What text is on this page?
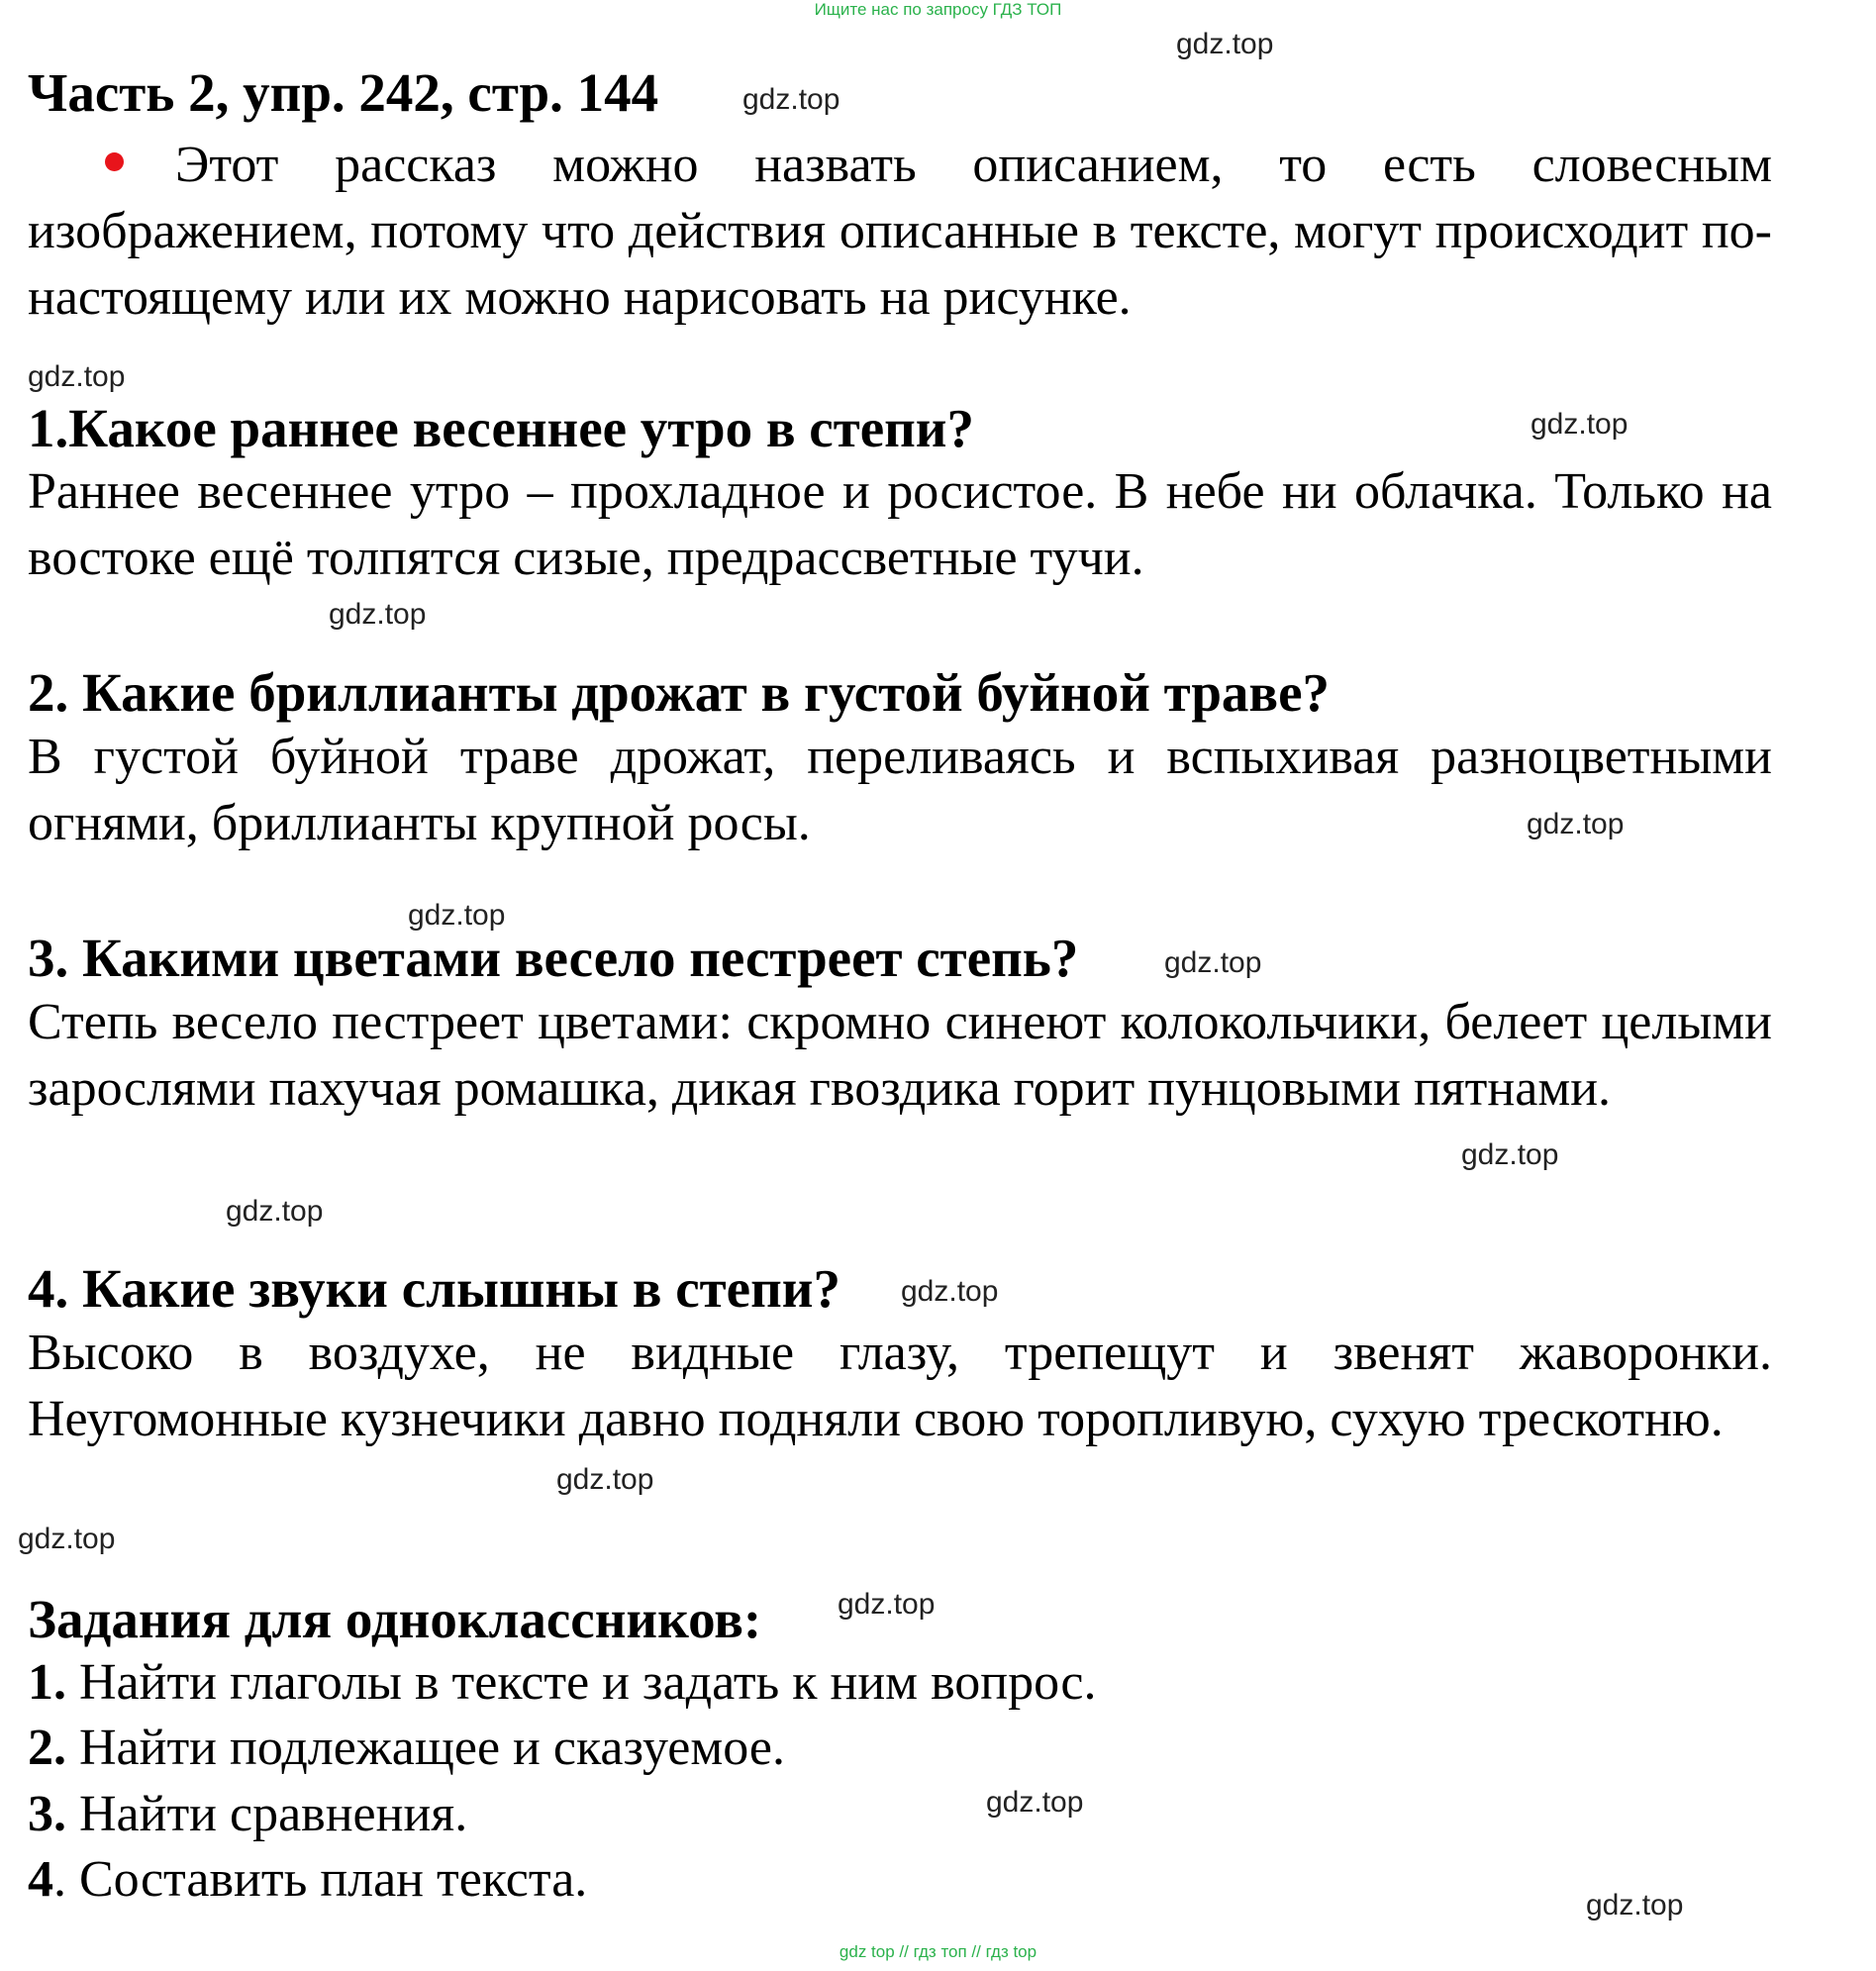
Ищите нас по запросу ГДЗ ТОП
Часть 2, упр. 242, стр. 144
Этот рассказ можно назвать описанием, то есть словесным изображением, потому что действия описанные в тексте, могут происходит по-настоящему или их можно нарисовать на рисунке.
1.Какое раннее весеннее утро в степи?
Раннее весеннее утро – прохладное и росистое. В небе ни облачка. Только на востоке ещё толпятся сизые, предрассветные тучи.
2. Какие бриллианты дрожат в густой буйной траве?
В густой буйной траве дрожат, переливаясь и вспыхивая разноцветными огнями, бриллианты крупной росы.
3. Какими цветами весело пестреет степь?
Степь весело пестреет цветами: скромно синеют колокольчики, белеет целыми зарослями пахучая ромашка, дикая гвоздика горит пунцовыми пятнами.
4. Какие звуки слышны в степи?
Высоко в воздухе, не видные глазу, трепещут и звенят жаворонки. Неугомонные кузнечики давно подняли свою торопливую, сухую трескотню.
Задания для одноклассников:
1. Найти глаголы в тексте и задать к ним вопрос.
2. Найти подлежащее и сказуемое.
3. Найти сравнения.
4. Составить план текста.
gdz.top
gdz.top
gdz.top
gdz.top
gdz.top
gdz.top
gdz.top
gdz.top
gdz.top
gdz.top
gdz.top
gdz.top
gdz.top
gdz.top
gdz.top
gdz.top
gdz top // гдз топ // гдз top
